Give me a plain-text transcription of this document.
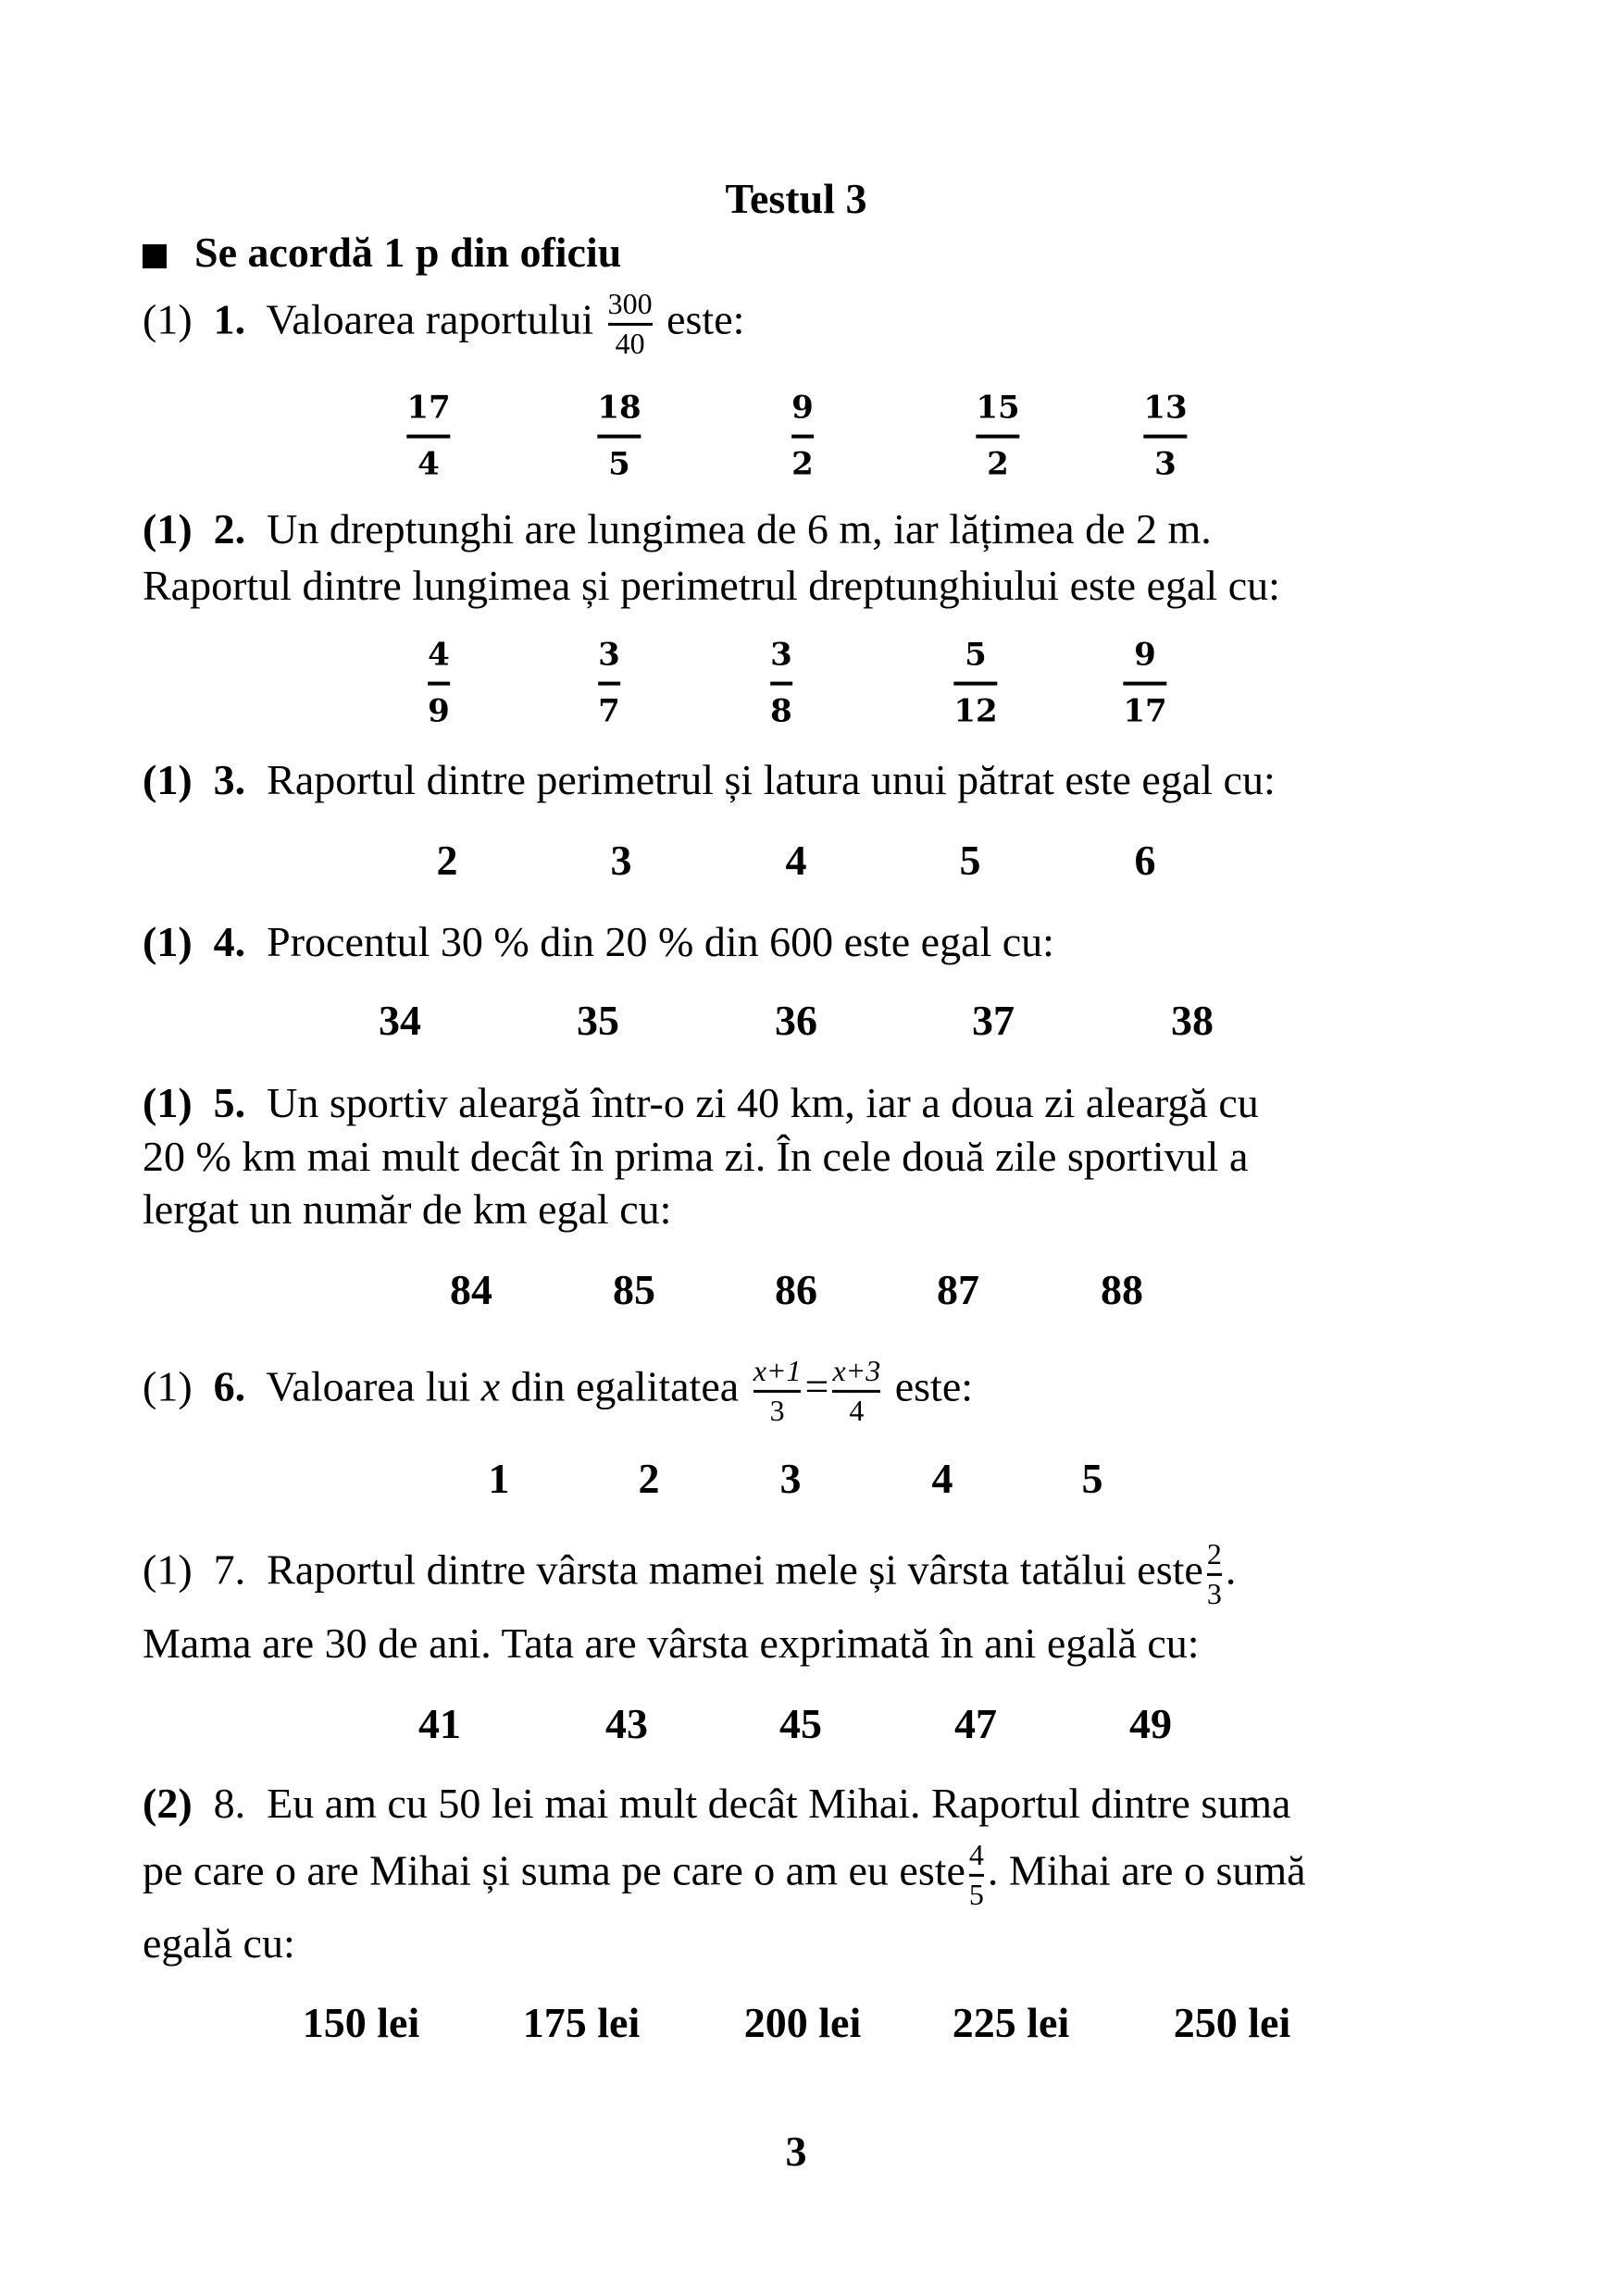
Testul 3
Se acordă 1 p din oficiu
(1) 1. Valoarea raportului $\frac{300}{40}$ este:
17
4
18
5
9
2
15
2
13
3
(1) 2. Un dreptunghi are lungimea de 6 m, iar lățimea de 2 m.
Raportul dintre lungimea și perimetrul dreptunghiului este egal cu:
4
9
3
7
3
8
5
12
9
17
(1) 3. Raportul dintre perimetrul și latura unui pătrat este egal cu:
2	3	4	5	6
(1) 4. Procentul 30 % din 20 % din 600 este egal cu:
34	35	36	37	38
(1) 5. Un sportiv aleargă într-o zi 40 km, iar a doua zi aleargă cu
20 % km mai mult decât în prima zi. În cele două zile sportivul a
lergat un număr de km egal cu:
84	85	86	87	88
(1) 6. Valoarea lui x din egalitatea $\frac{x+1}{3} = \frac{x+3}{4}$ este:
1	2	3	4	5
(1) 7. Raportul dintre vârsta mamei mele și vârsta tatălui este $\frac{2}{3}$ .
Mama are 30 de ani. Tata are vârsta exprimată în ani egală cu:
41	43	45	47	49
(2) 8. Eu am cu 50 lei mai mult decât Mihai. Raportul dintre suma
pe care o are Mihai și suma pe care o am eu este $\frac{4}{5}$ . Mihai are o sumă
egală cu:
150 lei 175 lei 200 lei 225 lei 250 lei
3
